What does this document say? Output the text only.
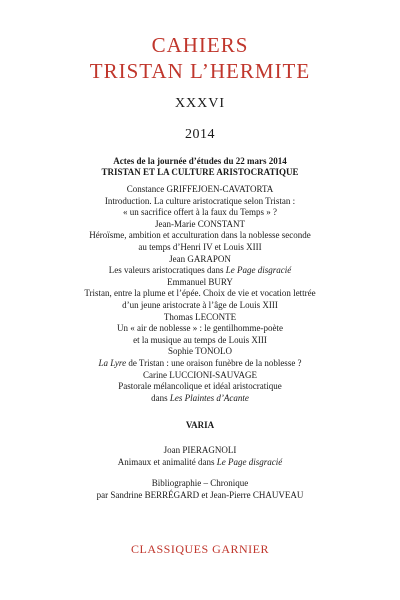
CAHIERS
TRISTAN L’HERMITE
XXXVI
2014
Actes de la journée d’études du 22 mars 2014
TRISTAN ET LA CULTURE ARISTOCRATIQUE
Constance GRIFFEJOEN-CAVATORTA
Introduction. La culture aristocratique selon Tristan :
« un sacrifice offert à la faux du Temps » ?
Jean-Marie CONSTANT
Héroïsme, ambition et acculturation dans la noblesse seconde
au temps d’Henri IV et Louis XIII
Jean GARAPON
Les valeurs aristocratiques dans Le Page disgracié
Emmanuel BURY
Tristan, entre la plume et l’épée. Choix de vie et vocation lettrée
d’un jeune aristocrate à l’âge de Louis XIII
Thomas LECONTE
Un « air de noblesse » : le gentilhomme-poète
et la musique au temps de Louis XIII
Sophie TONOLO
La Lyre de Tristan : une oraison funèbre de la noblesse ?
Carine LUCCIONI-SAUVAGE
Pastorale mélancolique et idéal aristocratique
dans Les Plaintes d’Acante
VARIA
Joan PIERAGNOLI
Animaux et animalité dans Le Page disgracié
Bibliographie – Chronique
par Sandrine BERRÉGARD et Jean-Pierre CHAUVEAU
CLASSIQUES GARNIER
